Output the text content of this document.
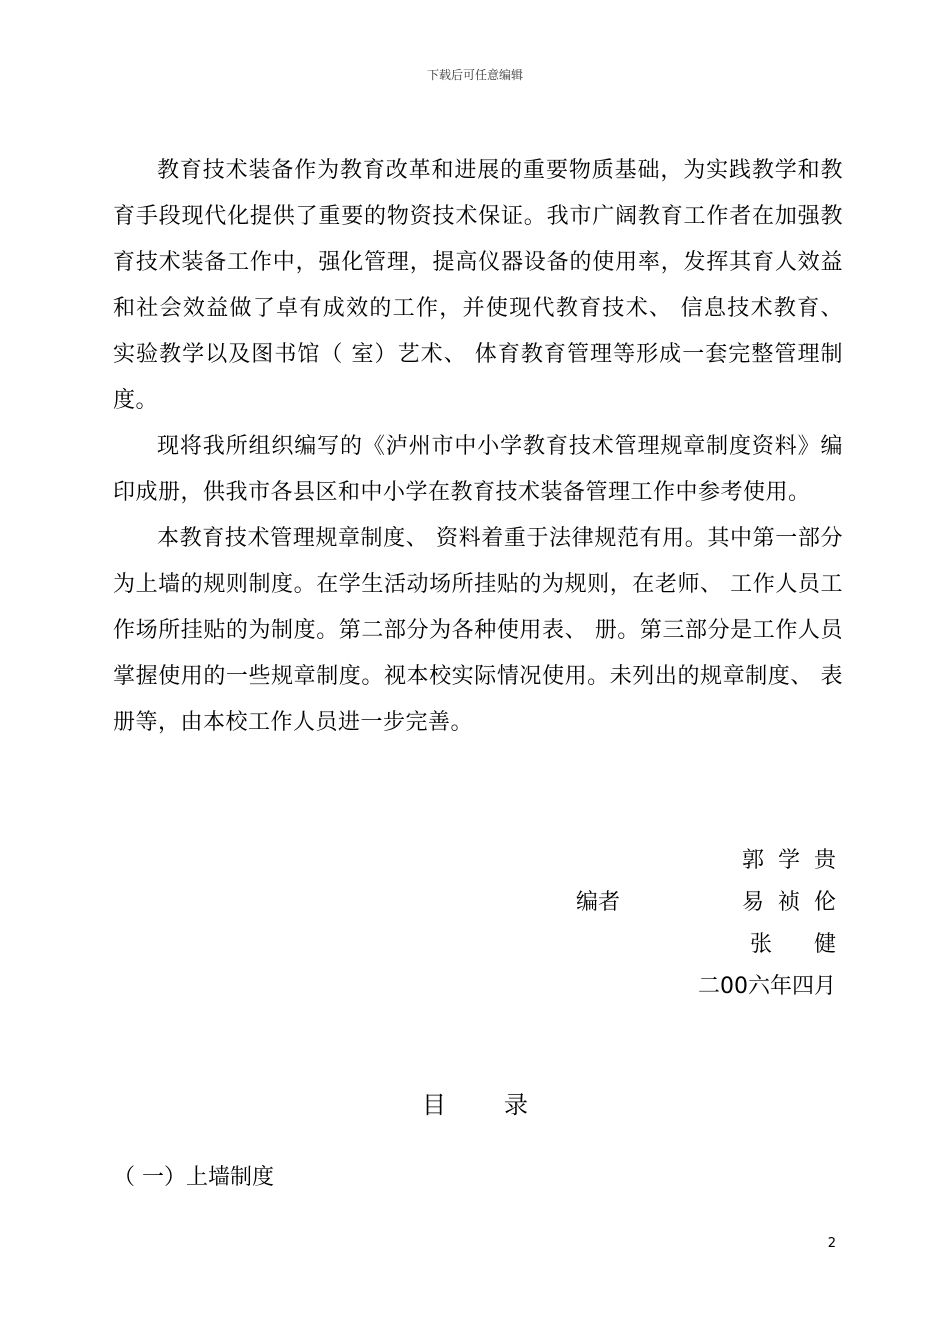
下载后可任意编辑

教育技术装备作为教育改革和进展的重要物质基础，为实践教学和教育手段现代化提供了重要的物资技术保证。我市广阔教育工作者在加强教育技术装备工作中，强化管理，提高仪器设备的使用率，发挥其育人效益和社会效益做了卓有成效的工作，并使现代教育技术、 信息技术教育、 实验教学以及图书馆（ 室）艺术、 体育教育管理等形成一套完整管理制度。

现将我所组织编写的《泸州市中小学教育技术管理规章制度资料》编印成册，供我市各县区和中小学在教育技术装备管理工作中参考使用。

本教育技术管理规章制度、 资料着重于法律规范有用。其中第一部分为上墙的规则制度。在学生活动场所挂贴的为规则，在老师、 工作人员工作场所挂贴的为制度。第二部分为各种使用表、 册。第三部分是工作人员掌握使用的一些规章制度。视本校实际情况使用。未列出的规章制度、 表册等，由本校工作人员进一步完善。

郭学贵
编者	易祯伦
张健
二00六年四月
目录
（ 一）上墙制度
2
